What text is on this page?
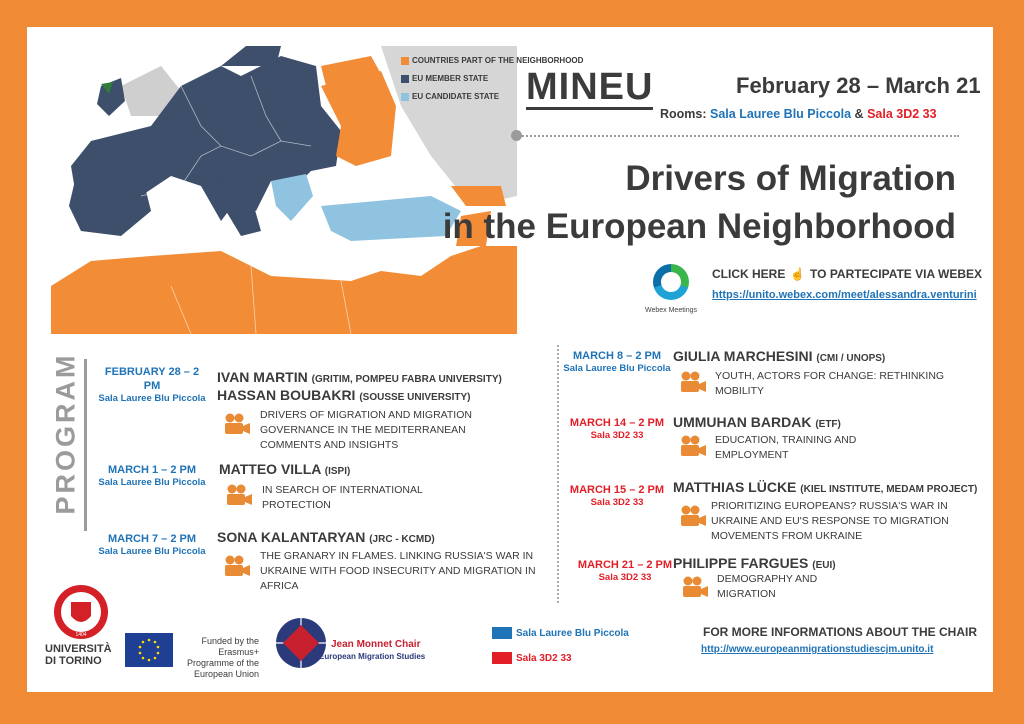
COUNTRIES PART OF THE NEIGHBORHOOD
EU MEMBER STATE
EU CANDIDATE STATE MINEU	February 28 – March 21
Rooms: Sala Lauree Blu Piccola & Sala 3D2 33
Drivers of Migration
in the European Neighborhood
Webex Meetings
CLICK HERE ☝ TO PARTECIPATE VIA WEBEX
https://unito.webex.com/meet/alessandra.venturini
PROGRAM	FEBRUARY 28 – 2 PM
Sala Lauree Blu Piccola
IVAN MARTIN (GRITIM, POMPEU FABRA UNIVERSITY)
HASSAN BOUBAKRI (SOUSSE UNIVERSITY)
DRIVERS OF MIGRATION AND MIGRATION GOVERNANCE IN THE MEDITERRANEAN COMMENTS AND INSIGHTS
MARCH 1 – 2 PM
Sala Lauree Blu Piccola
MATTEO VILLA (ISPI)
IN SEARCH OF INTERNATIONAL PROTECTION
MARCH 7 – 2 PM
Sala Lauree Blu Piccola
SONA KALANTARYAN (JRC - KCMD)
THE GRANARY IN FLAMES. LINKING RUSSIA'S WAR IN UKRAINE WITH FOOD INSECURITY AND MIGRATION IN AFRICA
MARCH 8 – 2 PM
Sala Lauree Blu Piccola
GIULIA MARCHESINI (CMI / UNOPS)
YOUTH, ACTORS FOR CHANGE: RETHINKING MOBILITY
MARCH 14 – 2 PM
Sala 3D2 33
UMMUHAN BARDAK (ETF)
EDUCATION, TRAINING AND EMPLOYMENT
MARCH 15 – 2 PM
Sala 3D2 33
MATTHIAS LÜCKE (KIEL INSTITUTE, MEDAM PROJECT)
PRIORITIZING EUROPEANS? RUSSIA'S WAR IN UKRAINE AND EU'S RESPONSE TO MIGRATION MOVEMENTS FROM UKRAINE
MARCH 21 – 2 PM
Sala 3D2 33
PHILIPPE FARGUES (EUI)
DEMOGRAPHY AND MIGRATION
1404
UNIVERSITÀ
DI TORINO
Funded by the Erasmus+ Programme of the European Union
Jean Monnet Chair
European Migration Studies
Sala Lauree Blu Piccola
Sala 3D2 33
FOR MORE INFORMATIONS ABOUT THE CHAIR
http://www.europeanmigrationstudiescjm.unito.it
